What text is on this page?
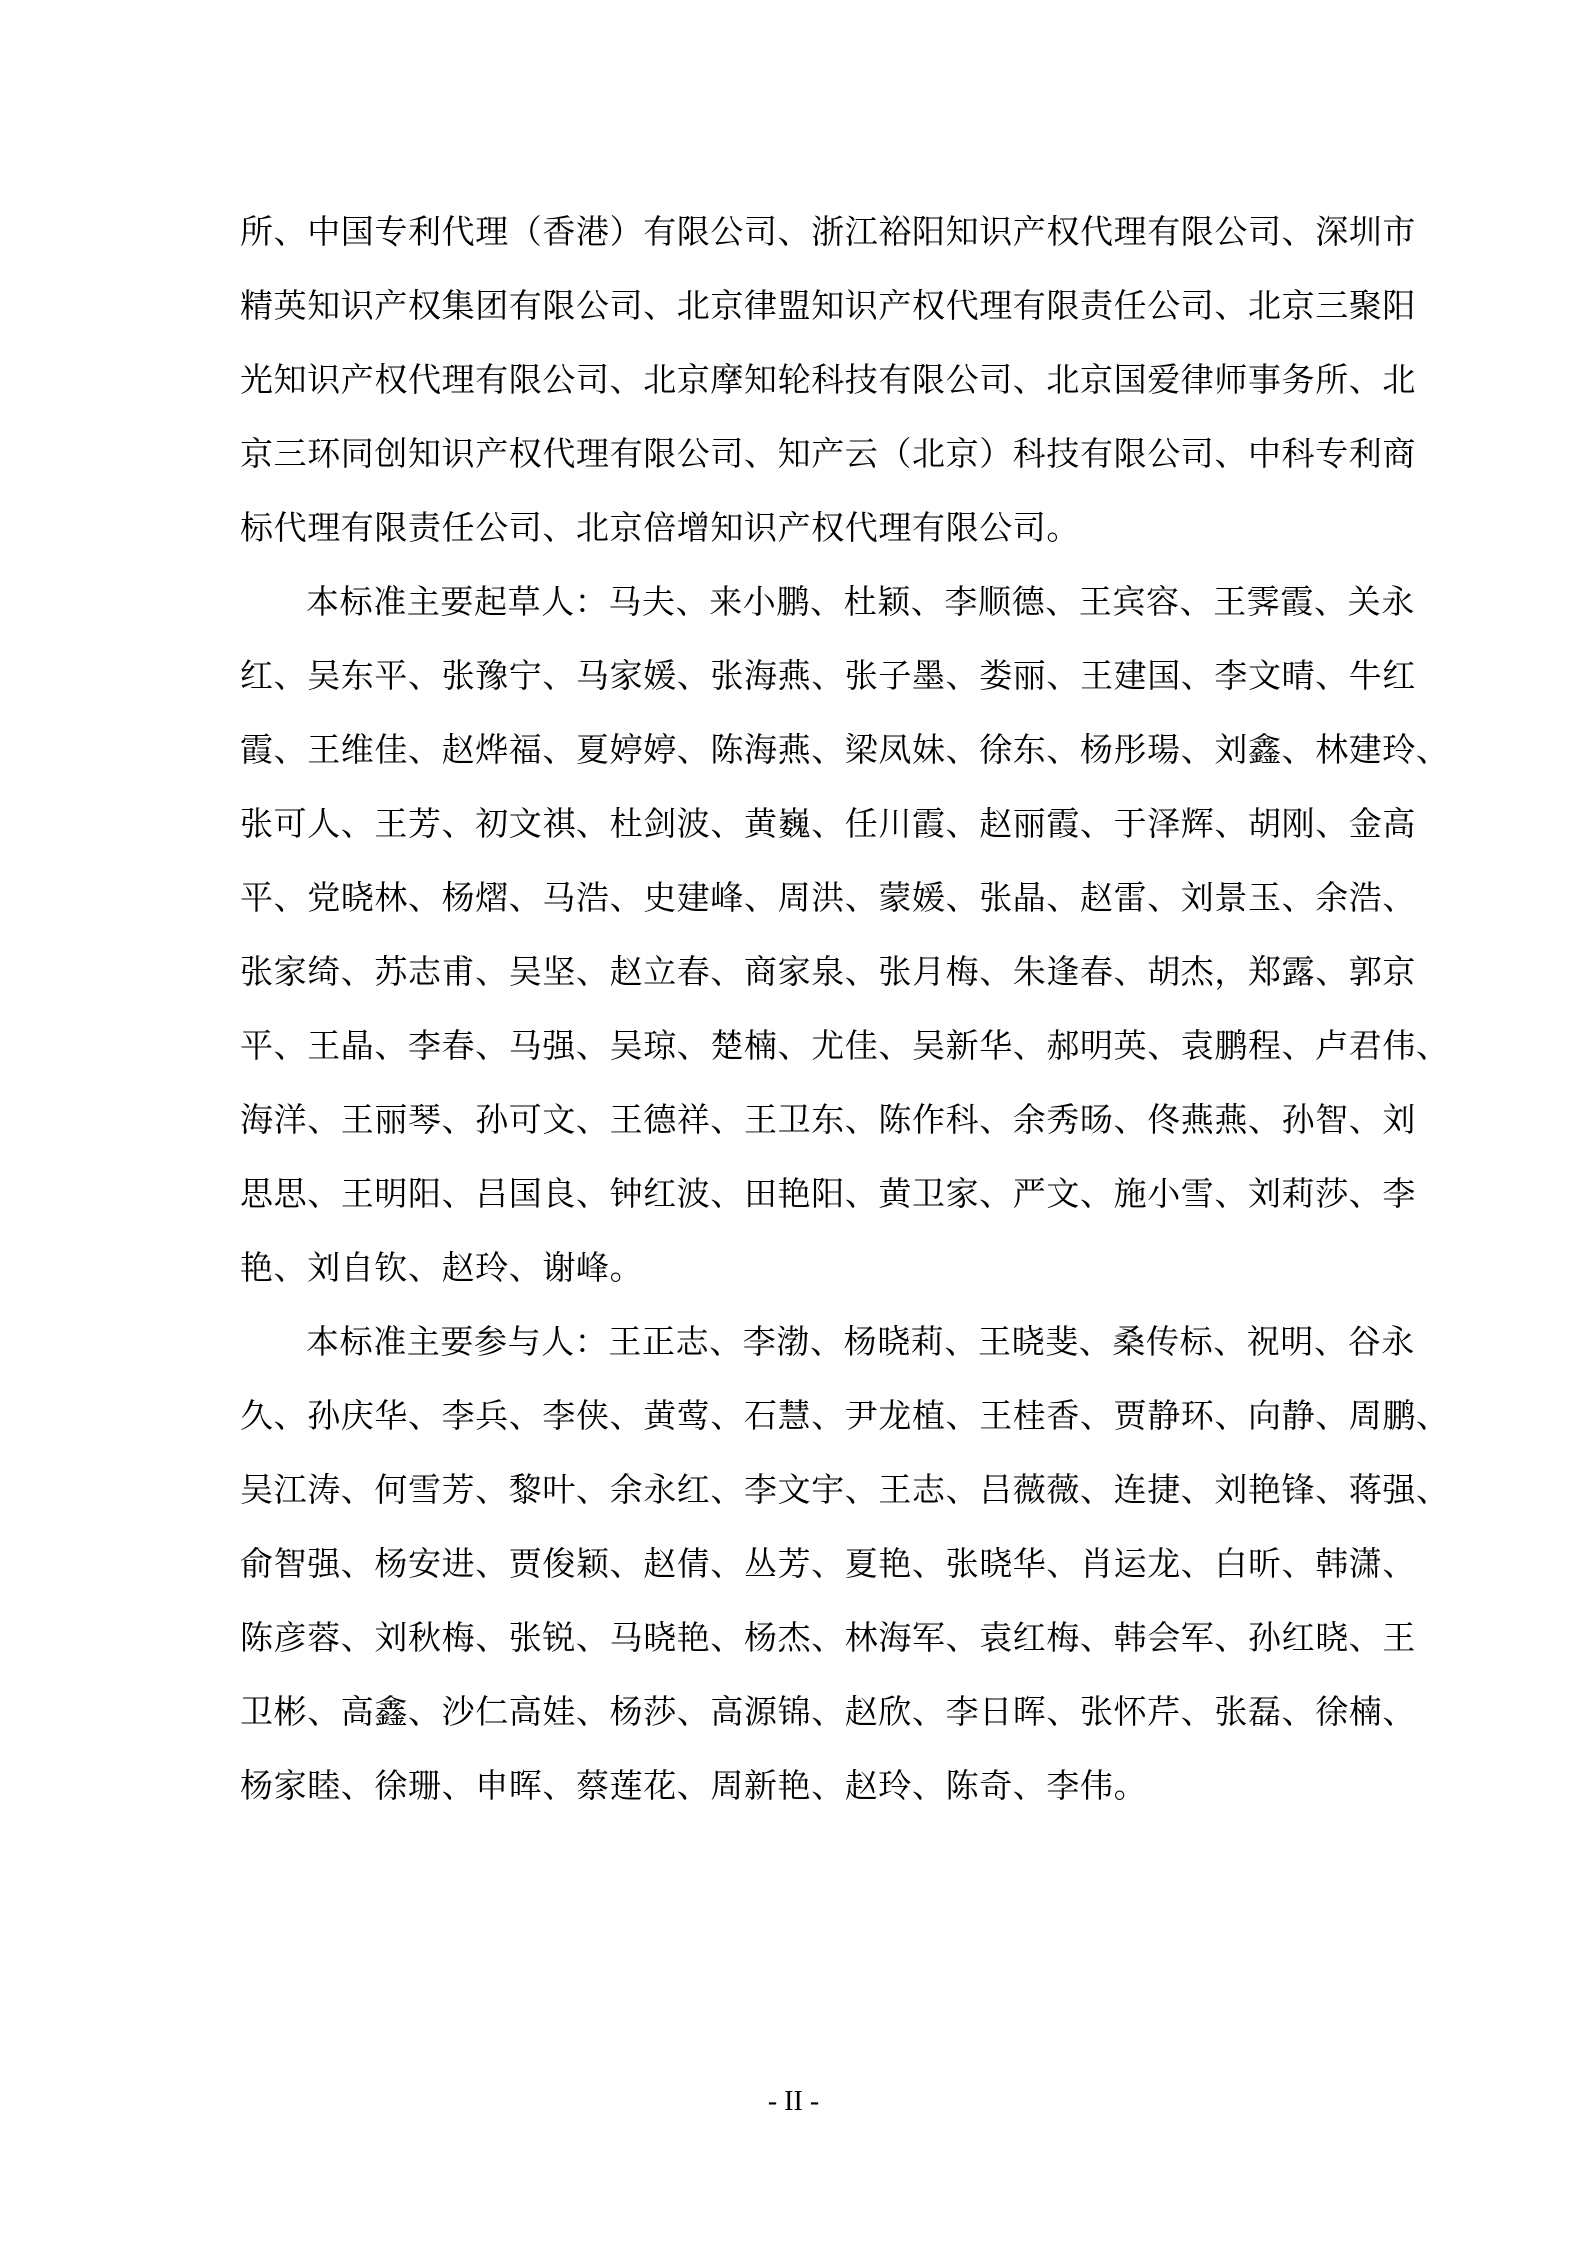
所、中国专利代理（香港）有限公司、浙江裕阳知识产权代理有限公司、深圳市
精英知识产权集团有限公司、北京律盟知识产权代理有限责任公司、北京三聚阳
光知识产权代理有限公司、北京摩知轮科技有限公司、北京国爱律师事务所、北
京三环同创知识产权代理有限公司、知产云（北京）科技有限公司、中科专利商
标代理有限责任公司、北京倍增知识产权代理有限公司。
本标准主要起草人：马夫、来小鹏、杜颖、李顺德、王宾容、王霁霞、关永
红、吴东平、张豫宁、马家媛、张海燕、张子墨、娄丽、王建国、李文晴、牛红
霞、王维佳、赵烨福、夏婷婷、陈海燕、梁凤妹、徐东、杨彤瑒、刘鑫、林建玲、
张可人、王芳、初文祺、杜剑波、黄巍、任川霞、赵丽霞、于泽辉、胡刚、金高
平、党晓林、杨熠、马浩、史建峰、周洪、蒙媛、张晶、赵雷、刘景玉、余浩、
张家绮、苏志甫、吴坚、赵立春、商家泉、张月梅、朱逢春、胡杰，郑露、郭京
平、王晶、李春、马强、吴琼、楚楠、尤佳、吴新华、郝明英、袁鹏程、卢君伟、
海洋、王丽琴、孙可文、王德祥、王卫东、陈作科、余秀旸、佟燕燕、孙智、刘
思思、王明阳、吕国良、钟红波、田艳阳、黄卫家、严文、施小雪、刘莉莎、李
艳、刘自钦、赵玲、谢峰。
本标准主要参与人：王正志、李渤、杨晓莉、王晓斐、桑传标、祝明、谷永
久、孙庆华、李兵、李侠、黄莺、石慧、尹龙植、王桂香、贾静环、向静、周鹏、
吴江涛、何雪芳、黎叶、余永红、李文宇、王志、吕薇薇、连捷、刘艳锋、蒋强、
俞智强、杨安进、贾俊颖、赵倩、丛芳、夏艳、张晓华、肖运龙、白昕、韩潇、
陈彦蓉、刘秋梅、张锐、马晓艳、杨杰、林海军、袁红梅、韩会军、孙红晓、王
卫彬、高鑫、沙仁高娃、杨莎、高源锦、赵欣、李日晖、张怀芹、张磊、徐楠、
杨家睦、徐珊、申晖、蔡莲花、周新艳、赵玲、陈奇、李伟。
- II -
